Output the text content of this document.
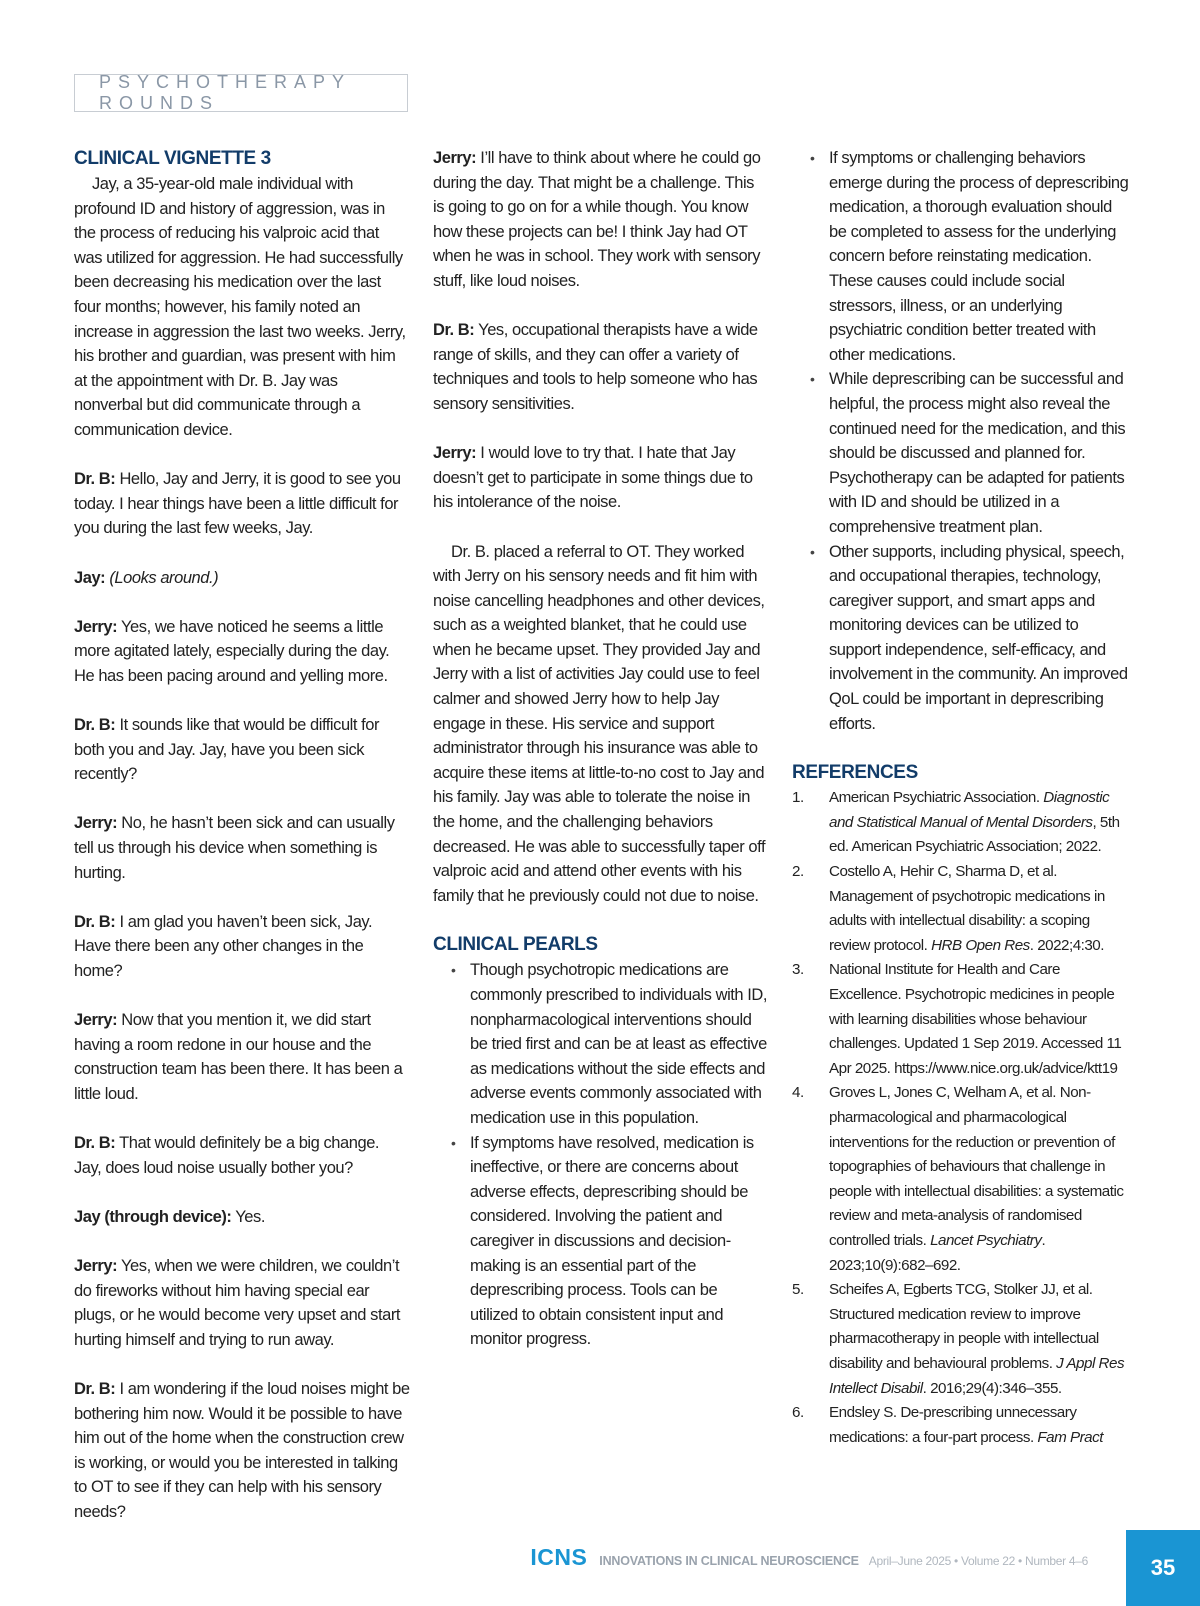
PSYCHOTHERAPY ROUNDS
CLINICAL VIGNETTE 3

Jay, a 35-year-old male individual with profound ID and history of aggression, was in the process of reducing his valproic acid that was utilized for aggression. He had successfully been decreasing his medication over the last four months; however, his family noted an increase in aggression the last two weeks. Jerry, his brother and guardian, was present with him at the appointment with Dr. B. Jay was nonverbal but did communicate through a communication device.

Dr. B: Hello, Jay and Jerry, it is good to see you today. I hear things have been a little difficult for you during the last few weeks, Jay.

Jay: (Looks around.)

Jerry: Yes, we have noticed he seems a little more agitated lately, especially during the day. He has been pacing around and yelling more.

Dr. B: It sounds like that would be difficult for both you and Jay. Jay, have you been sick recently?

Jerry: No, he hasn’t been sick and can usually tell us through his device when something is hurting.

Dr. B: I am glad you haven’t been sick, Jay. Have there been any other changes in the home?

Jerry: Now that you mention it, we did start having a room redone in our house and the construction team has been there. It has been a little loud.

Dr. B: That would definitely be a big change. Jay, does loud noise usually bother you?

Jay (through device): Yes.

Jerry: Yes, when we were children, we couldn’t do fireworks without him having special ear plugs, or he would become very upset and start hurting himself and trying to run away.

Dr. B: I am wondering if the loud noises might be bothering him now. Would it be possible to have him out of the home when the construction crew is working, or would you be interested in talking to OT to see if they can help with his sensory needs?

Jerry: I’ll have to think about where he could go during the day. That might be a challenge. This is going to go on for a while though. You know how these projects can be! I think Jay had OT when he was in school. They work with sensory stuff, like loud noises.

Dr. B: Yes, occupational therapists have a wide range of skills, and they can offer a variety of techniques and tools to help someone who has sensory sensitivities.

Jerry: I would love to try that. I hate that Jay doesn’t get to participate in some things due to his intolerance of the noise.

Dr. B. placed a referral to OT. They worked with Jerry on his sensory needs and fit him with noise cancelling headphones and other devices, such as a weighted blanket, that he could use when he became upset. They provided Jay and Jerry with a list of activities Jay could use to feel calmer and showed Jerry how to help Jay engage in these. His service and support administrator through his insurance was able to acquire these items at little-to-no cost to Jay and his family. Jay was able to tolerate the noise in the home, and the challenging behaviors decreased. He was able to successfully taper off valproic acid and attend other events with his family that he previously could not due to noise.

CLINICAL PEARLS
• Though psychotropic medications are commonly prescribed to individuals with ID, nonpharmacological interventions should be tried first and can be at least as effective as medications without the side effects and adverse events commonly associated with medication use in this population.
• If symptoms have resolved, medication is ineffective, or there are concerns about adverse effects, deprescribing should be considered. Involving the patient and caregiver in discussions and decision-making is an essential part of the deprescribing process. Tools can be utilized to obtain consistent input and monitor progress.
• If symptoms or challenging behaviors emerge during the process of deprescribing medication, a thorough evaluation should be completed to assess for the underlying concern before reinstating medication. These causes could include social stressors, illness, or an underlying psychiatric condition better treated with other medications.
• While deprescribing can be successful and helpful, the process might also reveal the continued need for the medication, and this should be discussed and planned for. Psychotherapy can be adapted for patients with ID and should be utilized in a comprehensive treatment plan.
• Other supports, including physical, speech, and occupational therapies, technology, caregiver support, and smart apps and monitoring devices can be utilized to support independence, self-efficacy, and involvement in the community. An improved QoL could be important in deprescribing efforts.
REFERENCES
1. American Psychiatric Association. Diagnostic and Statistical Manual of Mental Disorders, 5th ed. American Psychiatric Association; 2022.
2. Costello A, Hehir C, Sharma D, et al. Management of psychotropic medications in adults with intellectual disability: a scoping review protocol. HRB Open Res. 2022;4:30.
3. National Institute for Health and Care Excellence. Psychotropic medicines in people with learning disabilities whose behaviour challenges. Updated 1 Sep 2019. Accessed 11 Apr 2025. https://www.nice.org.uk/advice/ktt19
4. Groves L, Jones C, Welham A, et al. Non-pharmacological and pharmacological interventions for the reduction or prevention of topographies of behaviours that challenge in people with intellectual disabilities: a systematic review and meta-analysis of randomised controlled trials. Lancet Psychiatry. 2023;10(9):682–692.
5. Scheifes A, Egberts TCG, Stolker JJ, et al. Structured medication review to improve pharmacotherapy in people with intellectual disability and behavioural problems. J Appl Res Intellect Disabil. 2016;29(4):346–355.
6. Endsley S. De-prescribing unnecessary medications: a four-part process. Fam Pract
ICNS INNOVATIONS IN CLINICAL NEUROSCIENCE April–June 2025 • Volume 22 • Number 4–6	35
